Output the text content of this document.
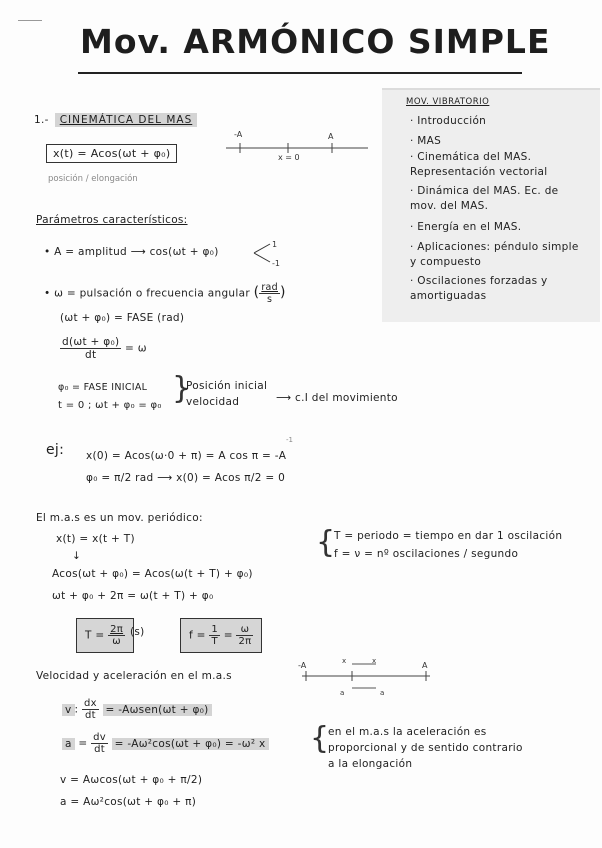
Mov. ARMÓNICO SIMPLE
MOV. VIBRATORIO
· Introducción
· MAS
· Cinemática del MAS. Representación vectorial
· Dinámica del MAS. Ec. de mov. del MAS.
· Energía en el MAS.
· Aplicaciones: péndulo simple y compuesto
· Oscilaciones forzadas y amortiguadas
1.- CINEMÁTICA DEL MAS
x(t) = Acos(ωt + φ₀)
posición / elongación
-A
x = 0
A
Parámetros característicos:
• A = amplitud ⟶ cos(ωt + φ₀)
1
-1
• ω = pulsación o frecuencia angular ( $\frac{\text{rad}}{s}$ )
(ωt + φ₀) = FASE (rad)
$\frac{\text{d(ωt + φ₀)}}{dt} = \omega$
φ₀ = FASE INICIAL
t = 0 ; ωt + φ₀ = φ₀ }
Posición inicial
velocidad	⟶ c.I del movimiento
ej:
-1
x(0) = Acos(ω·0 + π) = A cos π = -A
φ₀ = π/2 rad ⟶ x(0) = Acos π/2 = 0
El m.a.s es un mov. periódico:
x(t) = x(t + T)
↓
Acos(ωt + φ₀) = Acos(ω(t + T) + φ₀)
ωt + φ₀ + 2π = ω(t + T) + φ₀
{
T = periodo = tiempo en dar 1 oscilación
f = ν = nº oscilaciones / segundo
$T = \frac{2\pi}{\omega} (s)$	$f = \frac{1}{T} = \frac{\omega}{2\pi}$
Velocidad y aceleración en el m.a.s
-A	A
x	x
a	a
v : $\frac{dx}{dt} = -A\omega sen(\omega t + \varphi_0)$
$a = \frac{dv}{dt} = -A\omega^2\cos(\omega t + \varphi_0) = -\omega^2$ x {
en el m.a.s la aceleración es
proporcional y de sentido contrario
a la elongación
v = Aωcos(ωt + φ₀ + π/2)
a = Aω²cos(ωt + φ₀ + π)
